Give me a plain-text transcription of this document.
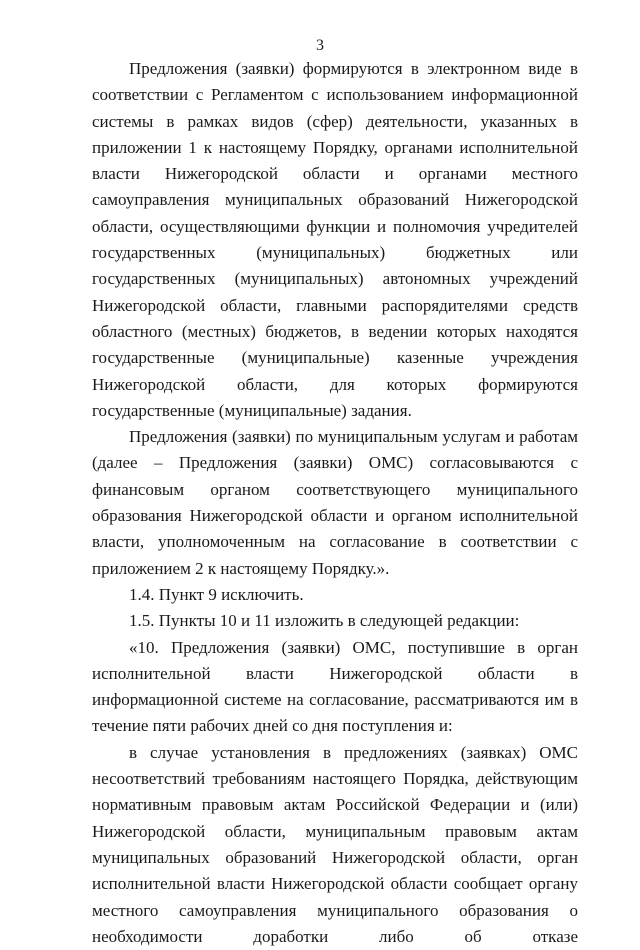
3

Предложения (заявки) формируются в электронном виде в соответствии с Регламентом с использованием информационной системы в рамках видов (сфер) деятельности, указанных в приложении 1 к настоящему Порядку, органами исполнительной власти Нижегородской области и органами местного самоуправления муниципальных образований Нижегородской области, осуществляющими функции и полномочия учредителей государственных (муниципальных) бюджетных или государственных (муниципальных) автономных учреждений Нижегородской области, главными распорядителями средств областного (местных) бюджетов, в ведении которых находятся государственные (муниципальные) казенные учреждения Нижегородской области, для которых формируются государственные (муниципальные) задания.

Предложения (заявки) по муниципальным услугам и работам (далее – Предложения (заявки) ОМС) согласовываются с финансовым органом соответствующего муниципального образования Нижегородской области и органом исполнительной власти, уполномоченным на согласование в соответствии с приложением 2 к настоящему Порядку.».

1.4. Пункт 9 исключить.

1.5. Пункты 10 и 11 изложить в следующей редакции:

«10. Предложения (заявки) ОМС, поступившие в орган исполнительной власти Нижегородской области в информационной системе на согласование, рассматриваются им в течение пяти рабочих дней со дня поступления и:

в случае установления в предложениях (заявках) ОМС несоответствий требованиям настоящего Порядка, действующим нормативным правовым актам Российской Федерации и (или) Нижегородской области, муниципальным правовым актам муниципальных образований Нижегородской области, орган исполнительной власти Нижегородской области сообщает органу местного самоуправления муниципального образования о необходимости доработки либо об отказе
